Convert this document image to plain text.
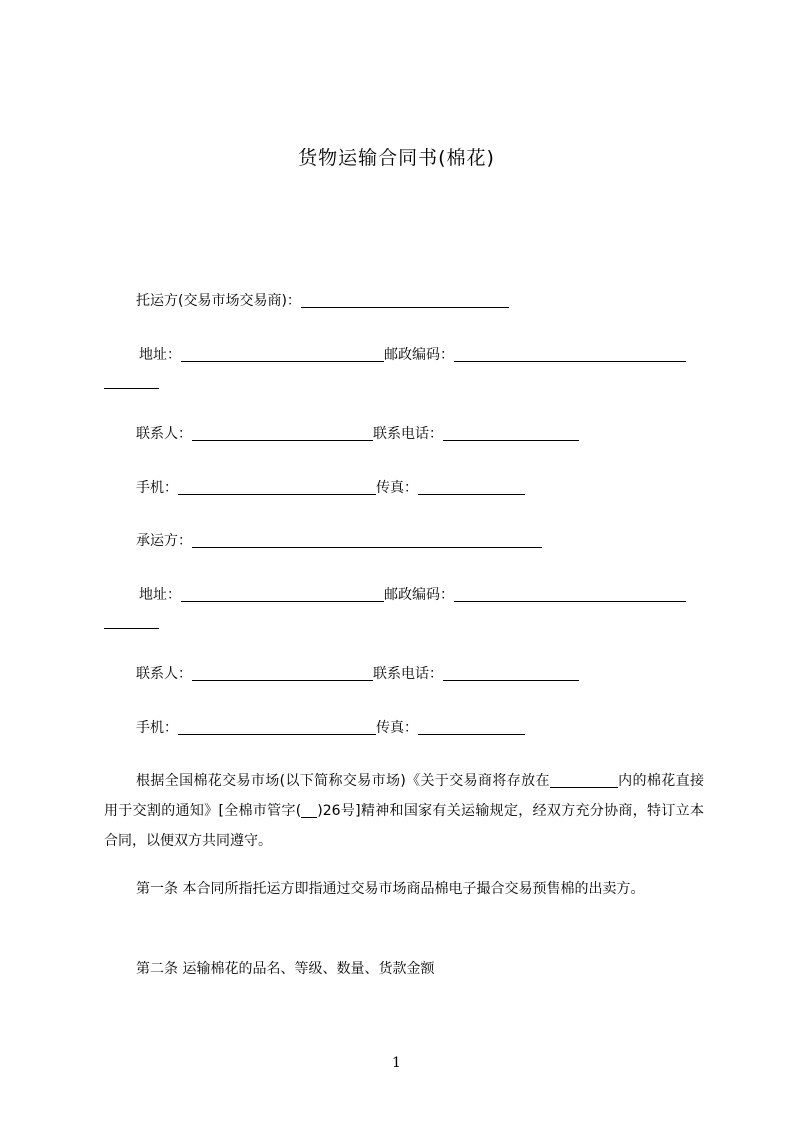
货物运输合同书(棉花)
托运方(交易市场交易商)：
地址：	邮政编码：
联系人：	联系电话：
手机：	传真：
承运方：
地址：	邮政编码：
联系人：	联系电话：
手机：	传真：

根据全国棉花交易市场(以下简称交易市场)《关于交易商将存放在	内的棉花直接用于交割的通知》[全棉市管字( )26号]精神和国家有关运输规定，经双方充分协商，特订立本合同，以便双方共同遵守。

第一条 本合同所指托运方即指通过交易市场商品棉电子撮合交易预售棉的出卖方。

第二条 运输棉花的品名、等级、数量、货款金额

1
